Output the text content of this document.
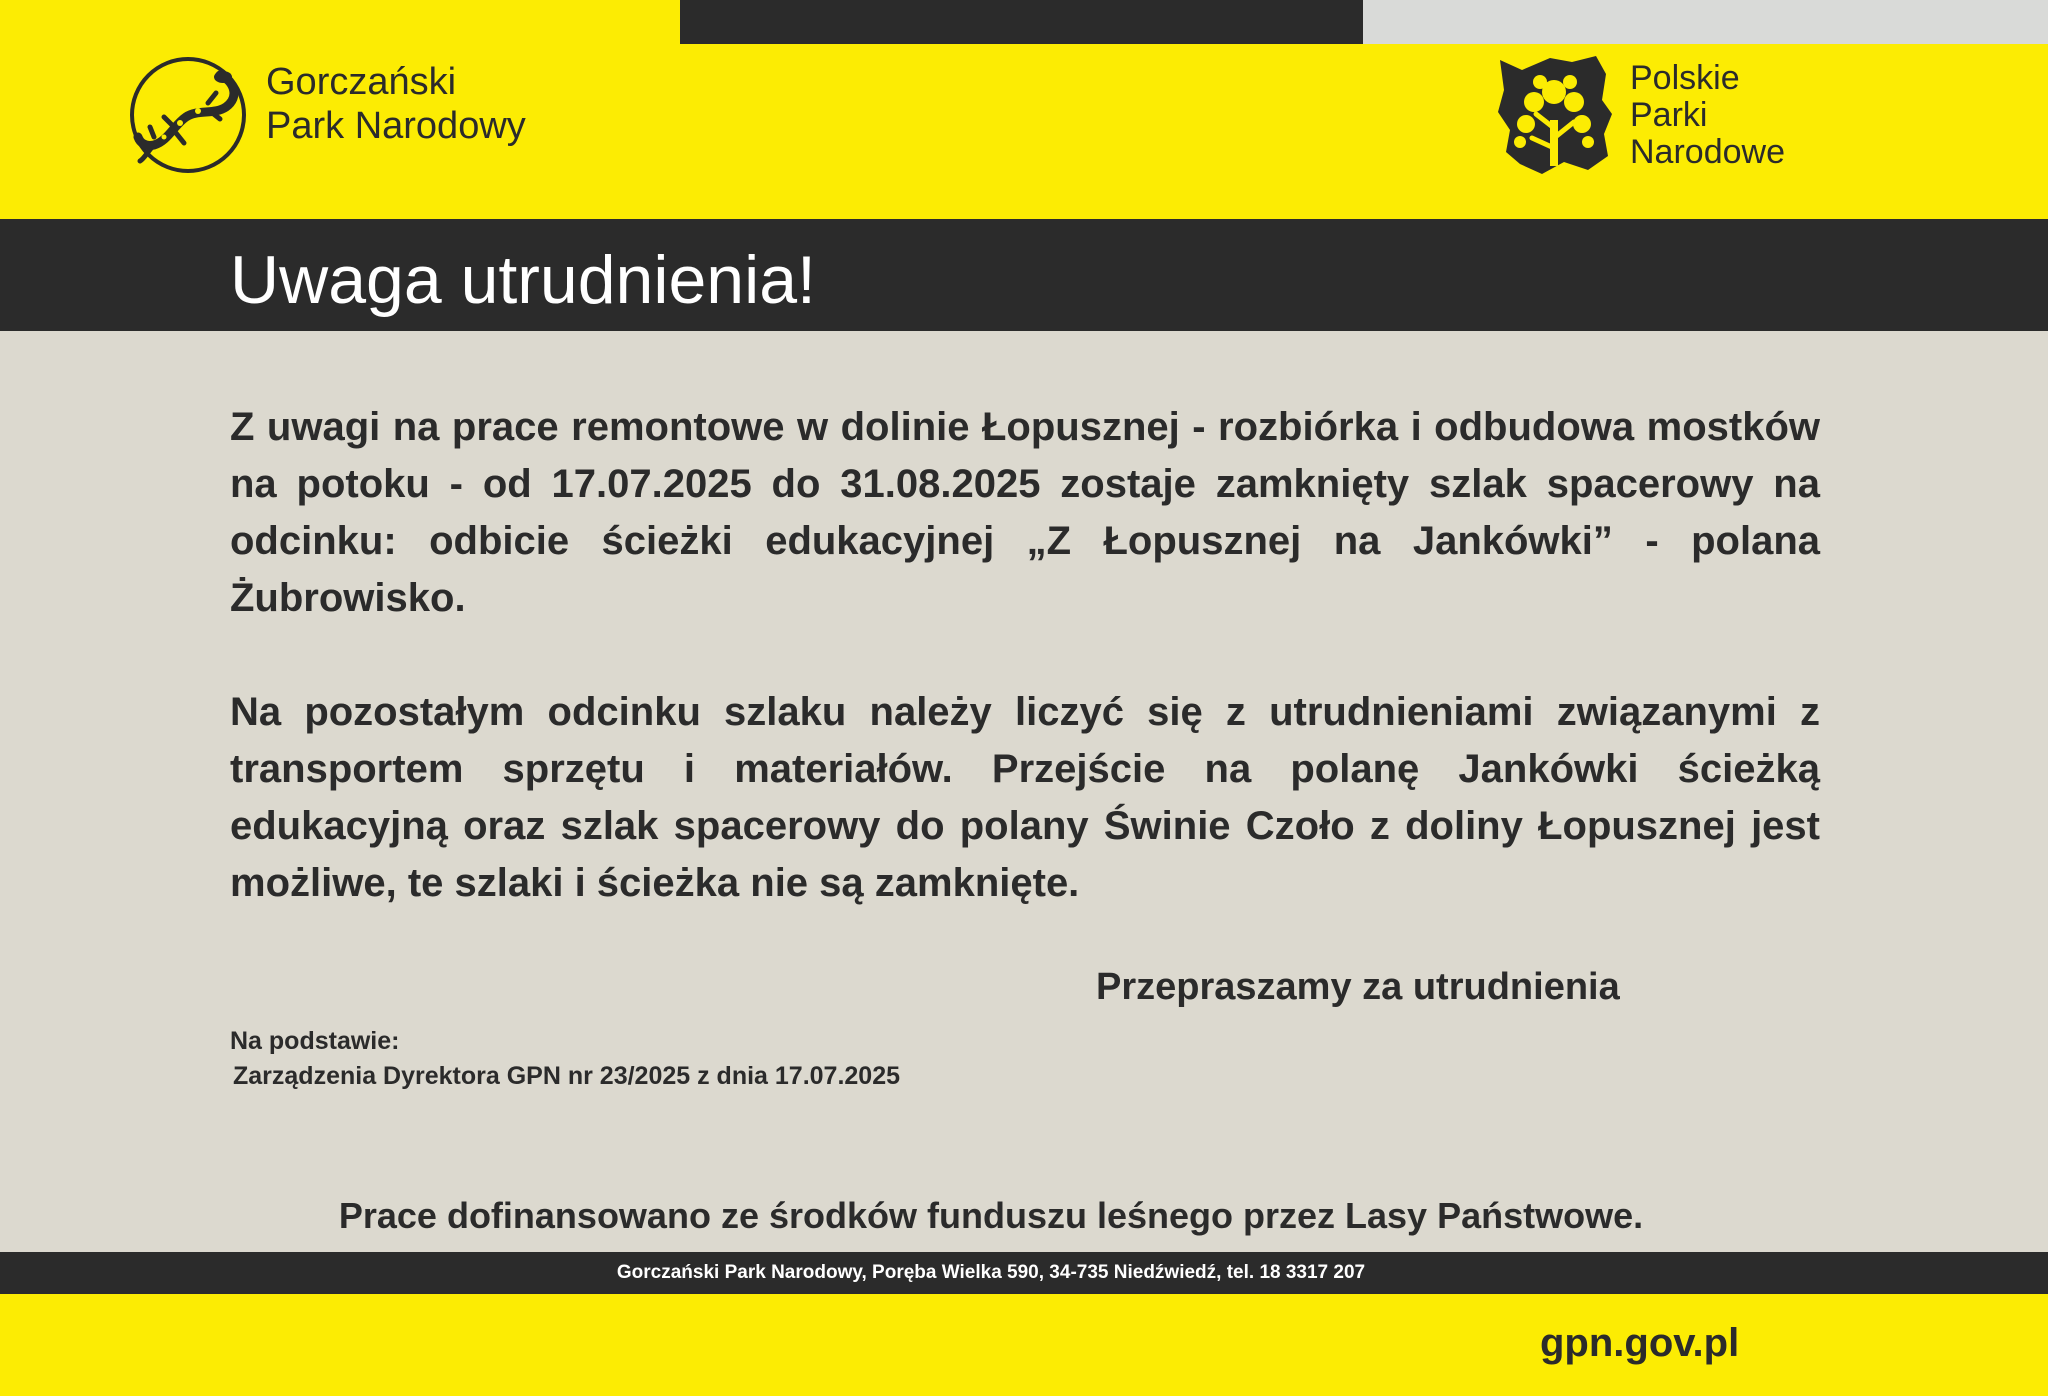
Gorczański
Park Narodowy
Polskie
Parki
Narodowe
Uwaga utrudnienia!
Z uwagi na prace remontowe w dolinie Łopusznej - rozbiórka i odbudowa mostków na potoku - od 17.07.2025 do 31.08.2025 zostaje zamknięty szlak spacerowy na odcinku: odbicie ścieżki edukacyjnej „Z Łopusznej na Jankówki” - polana Żubrowisko.
Na pozostałym odcinku szlaku należy liczyć się z utrudnieniami związanymi z transportem sprzętu i materiałów. Przejście na polanę Jankówki ścieżką edukacyjną oraz szlak spacerowy do polany Świnie Czoło z doliny Łopusznej jest możliwe, te szlaki i ścieżka nie są zamknięte.
Przepraszamy za utrudnienia
Na podstawie:
Zarządzenia Dyrektora GPN nr 23/2025 z dnia 17.07.2025
Prace dofinansowano ze środków funduszu leśnego przez Lasy Państwowe.
Gorczański Park Narodowy, Poręba Wielka 590, 34-735 Niedźwiedź, tel. 18 3317 207
gpn.gov.pl
